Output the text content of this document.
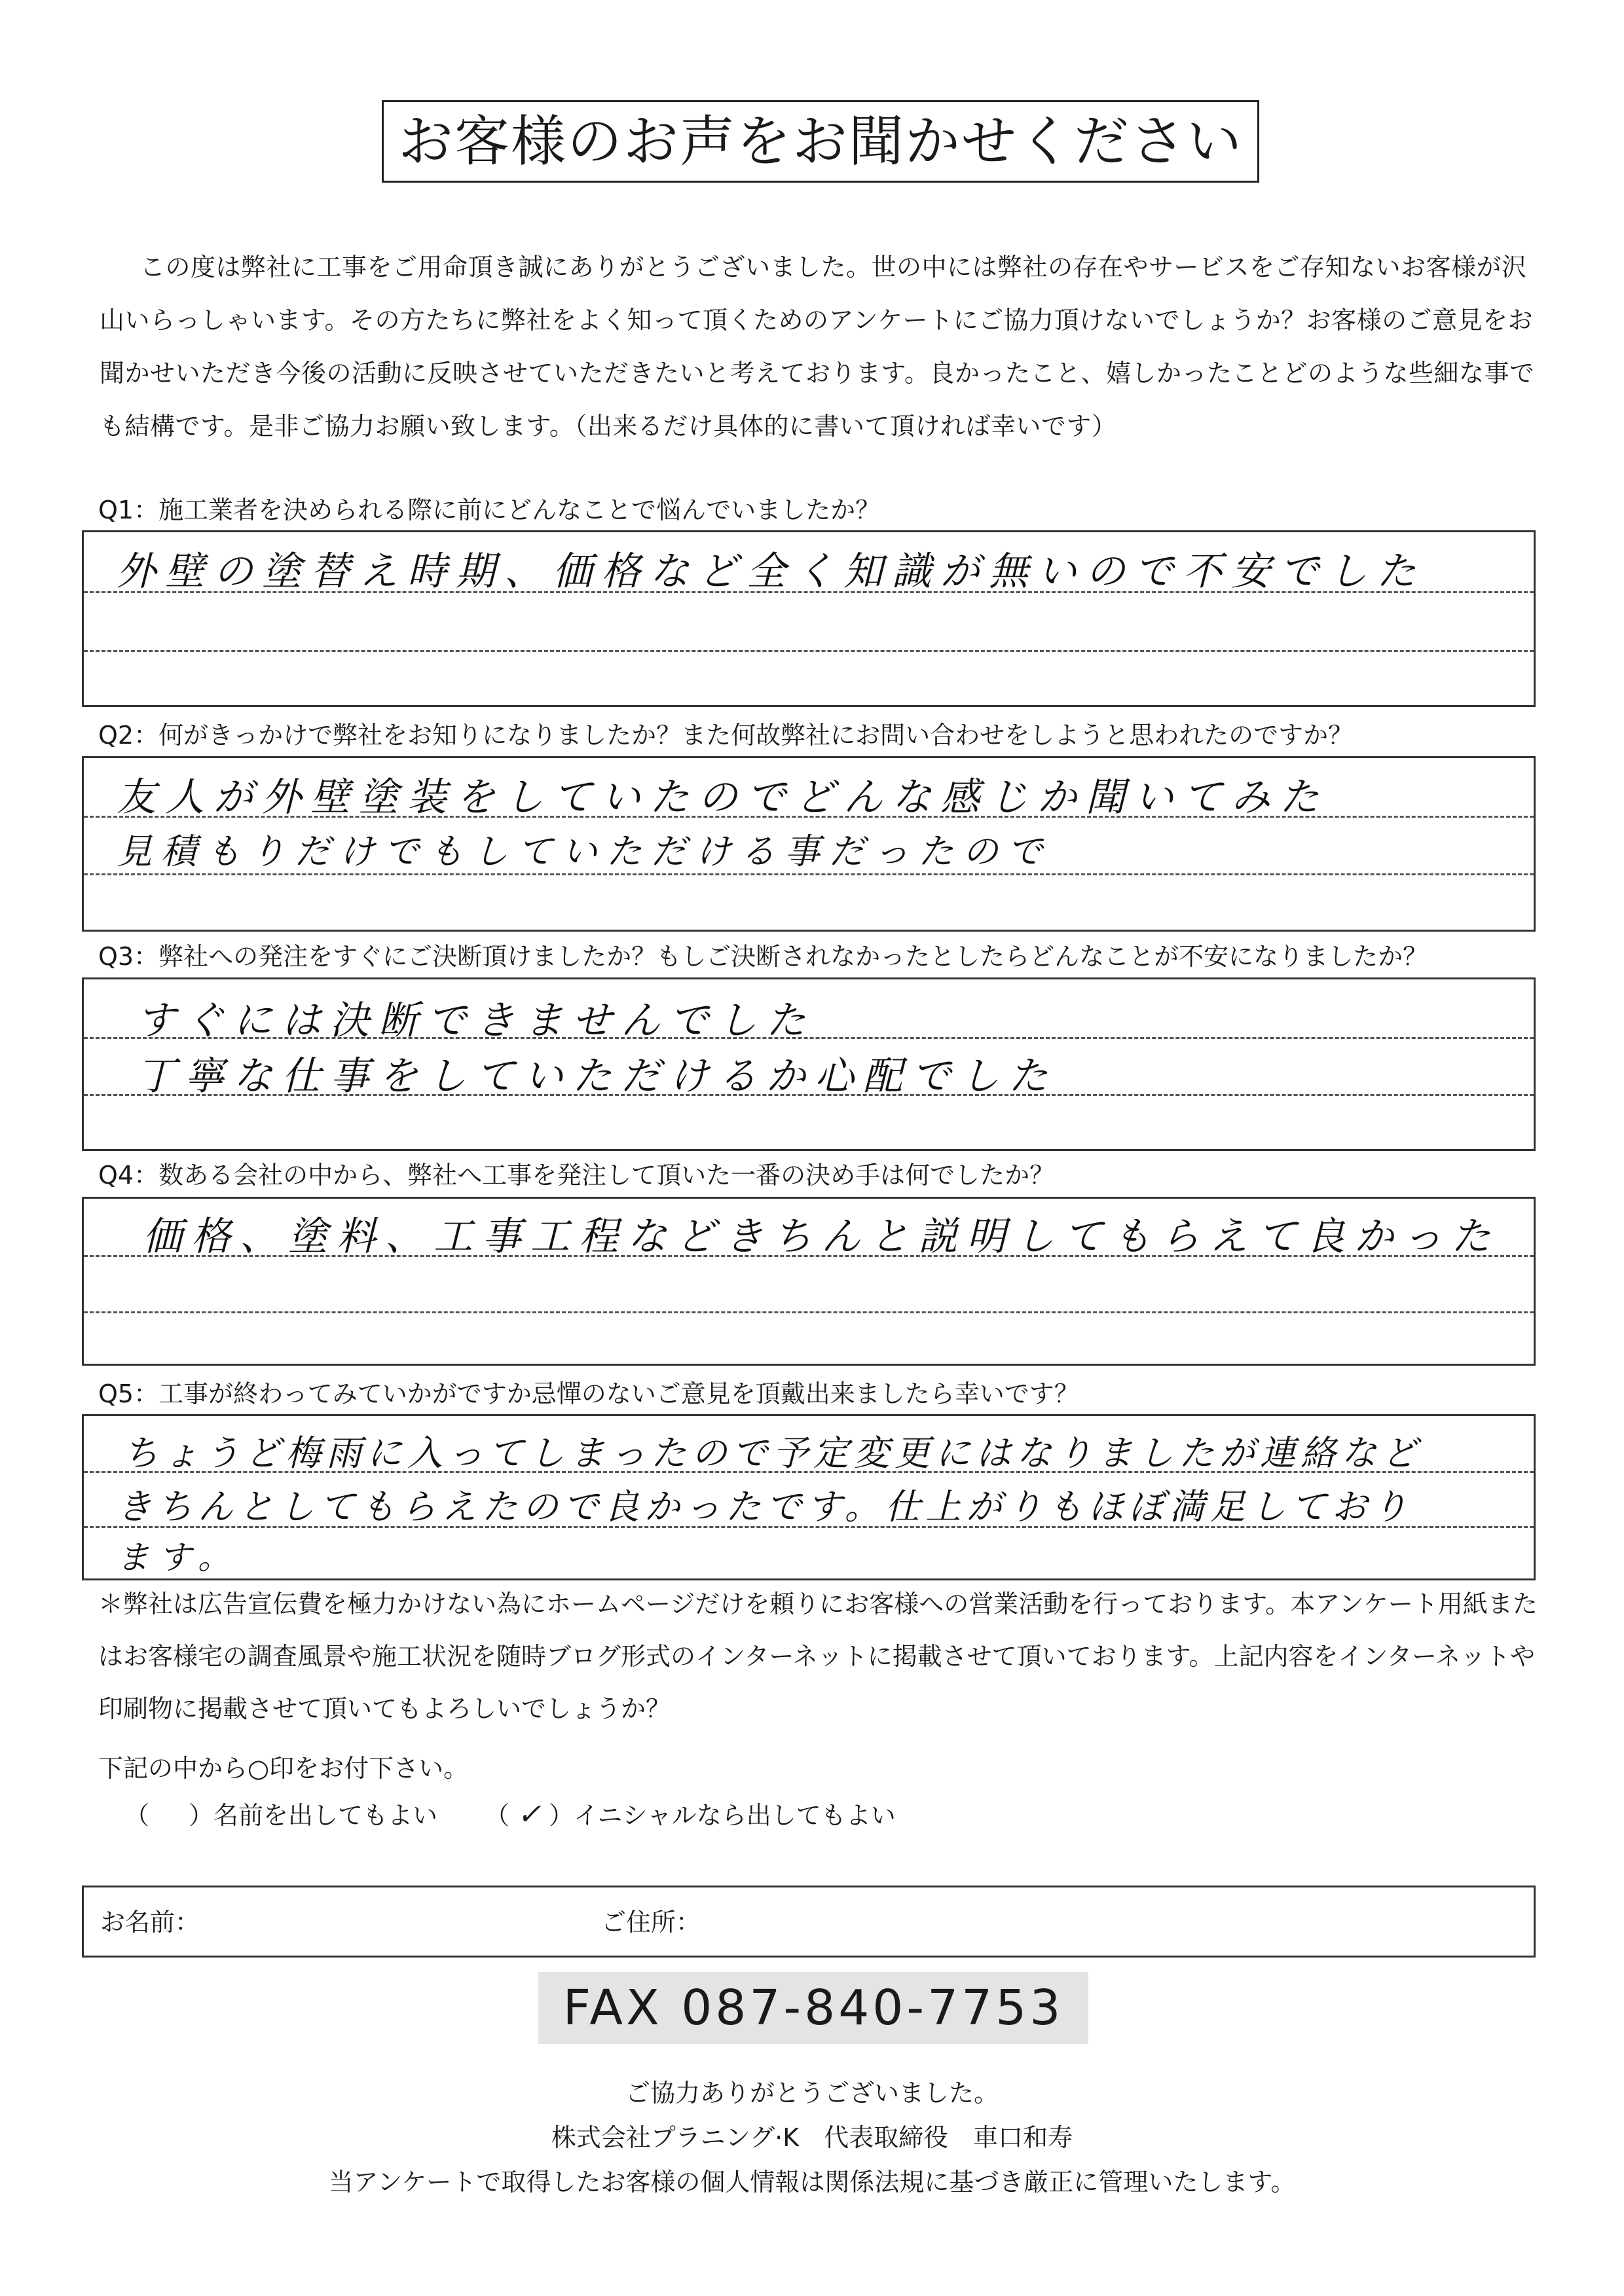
お客様のお声をお聞かせください
この度は弊社に工事をご用命頂き誠にありがとうございました。世の中には弊社の存在やサービスをご存知ないお客様が沢山いらっしゃいます。その方たちに弊社をよく知って頂くためのアンケートにご協力頂けないでしょうか？お客様のご意見をお聞かせいただき今後の活動に反映させていただきたいと考えております。良かったこと、嬉しかったことどのような些細な事でも結構です。是非ご協力お願い致します。（出来るだけ具体的に書いて頂ければ幸いです）
Q1：施工業者を決められる際に前にどんなことで悩んでいましたか？
外壁の塗替え時期、価格など全く知識が無いので不安でした
Q2：何がきっかけで弊社をお知りになりましたか？また何故弊社にお問い合わせをしようと思われたのですか？
友人が外壁塗装をしていたのでどんな感じか聞いてみた
見積もりだけでもしていただける事だったので
Q3：弊社への発注をすぐにご決断頂けましたか？もしご決断されなかったとしたらどんなことが不安になりましたか？
すぐには決断できませんでした
丁寧な仕事をしていただけるか心配でした
Q4：数ある会社の中から、弊社へ工事を発注して頂いた一番の決め手は何でしたか？
価格、塗料、工事工程などきちんと説明してもらえて良かった
Q5：工事が終わってみていかがですか忌憚のないご意見を頂戴出来ましたら幸いです？
ちょうど梅雨に入ってしまったので予定変更にはなりましたが連絡など
きちんとしてもらえたので良かったです。仕上がりもほぼ満足しており
ます。
＊弊社は広告宣伝費を極力かけない為にホームページだけを頼りにお客様への営業活動を行っております。本アンケート用紙またはお客様宅の調査風景や施工状況を随時ブログ形式のインターネットに掲載させて頂いております。上記内容をインターネットや印刷物に掲載させて頂いてもよろしいでしょうか？
下記の中から○印をお付下さい。
（ ）名前を出してもよい （ ✓ ）イニシャルなら出してもよい
お名前：	ご住所：
FAX 087-840-7753
ご協力ありがとうございました。
株式会社プラニング·K　代表取締役　車口和寿
当アンケートで取得したお客様の個人情報は関係法規に基づき厳正に管理いたします。
